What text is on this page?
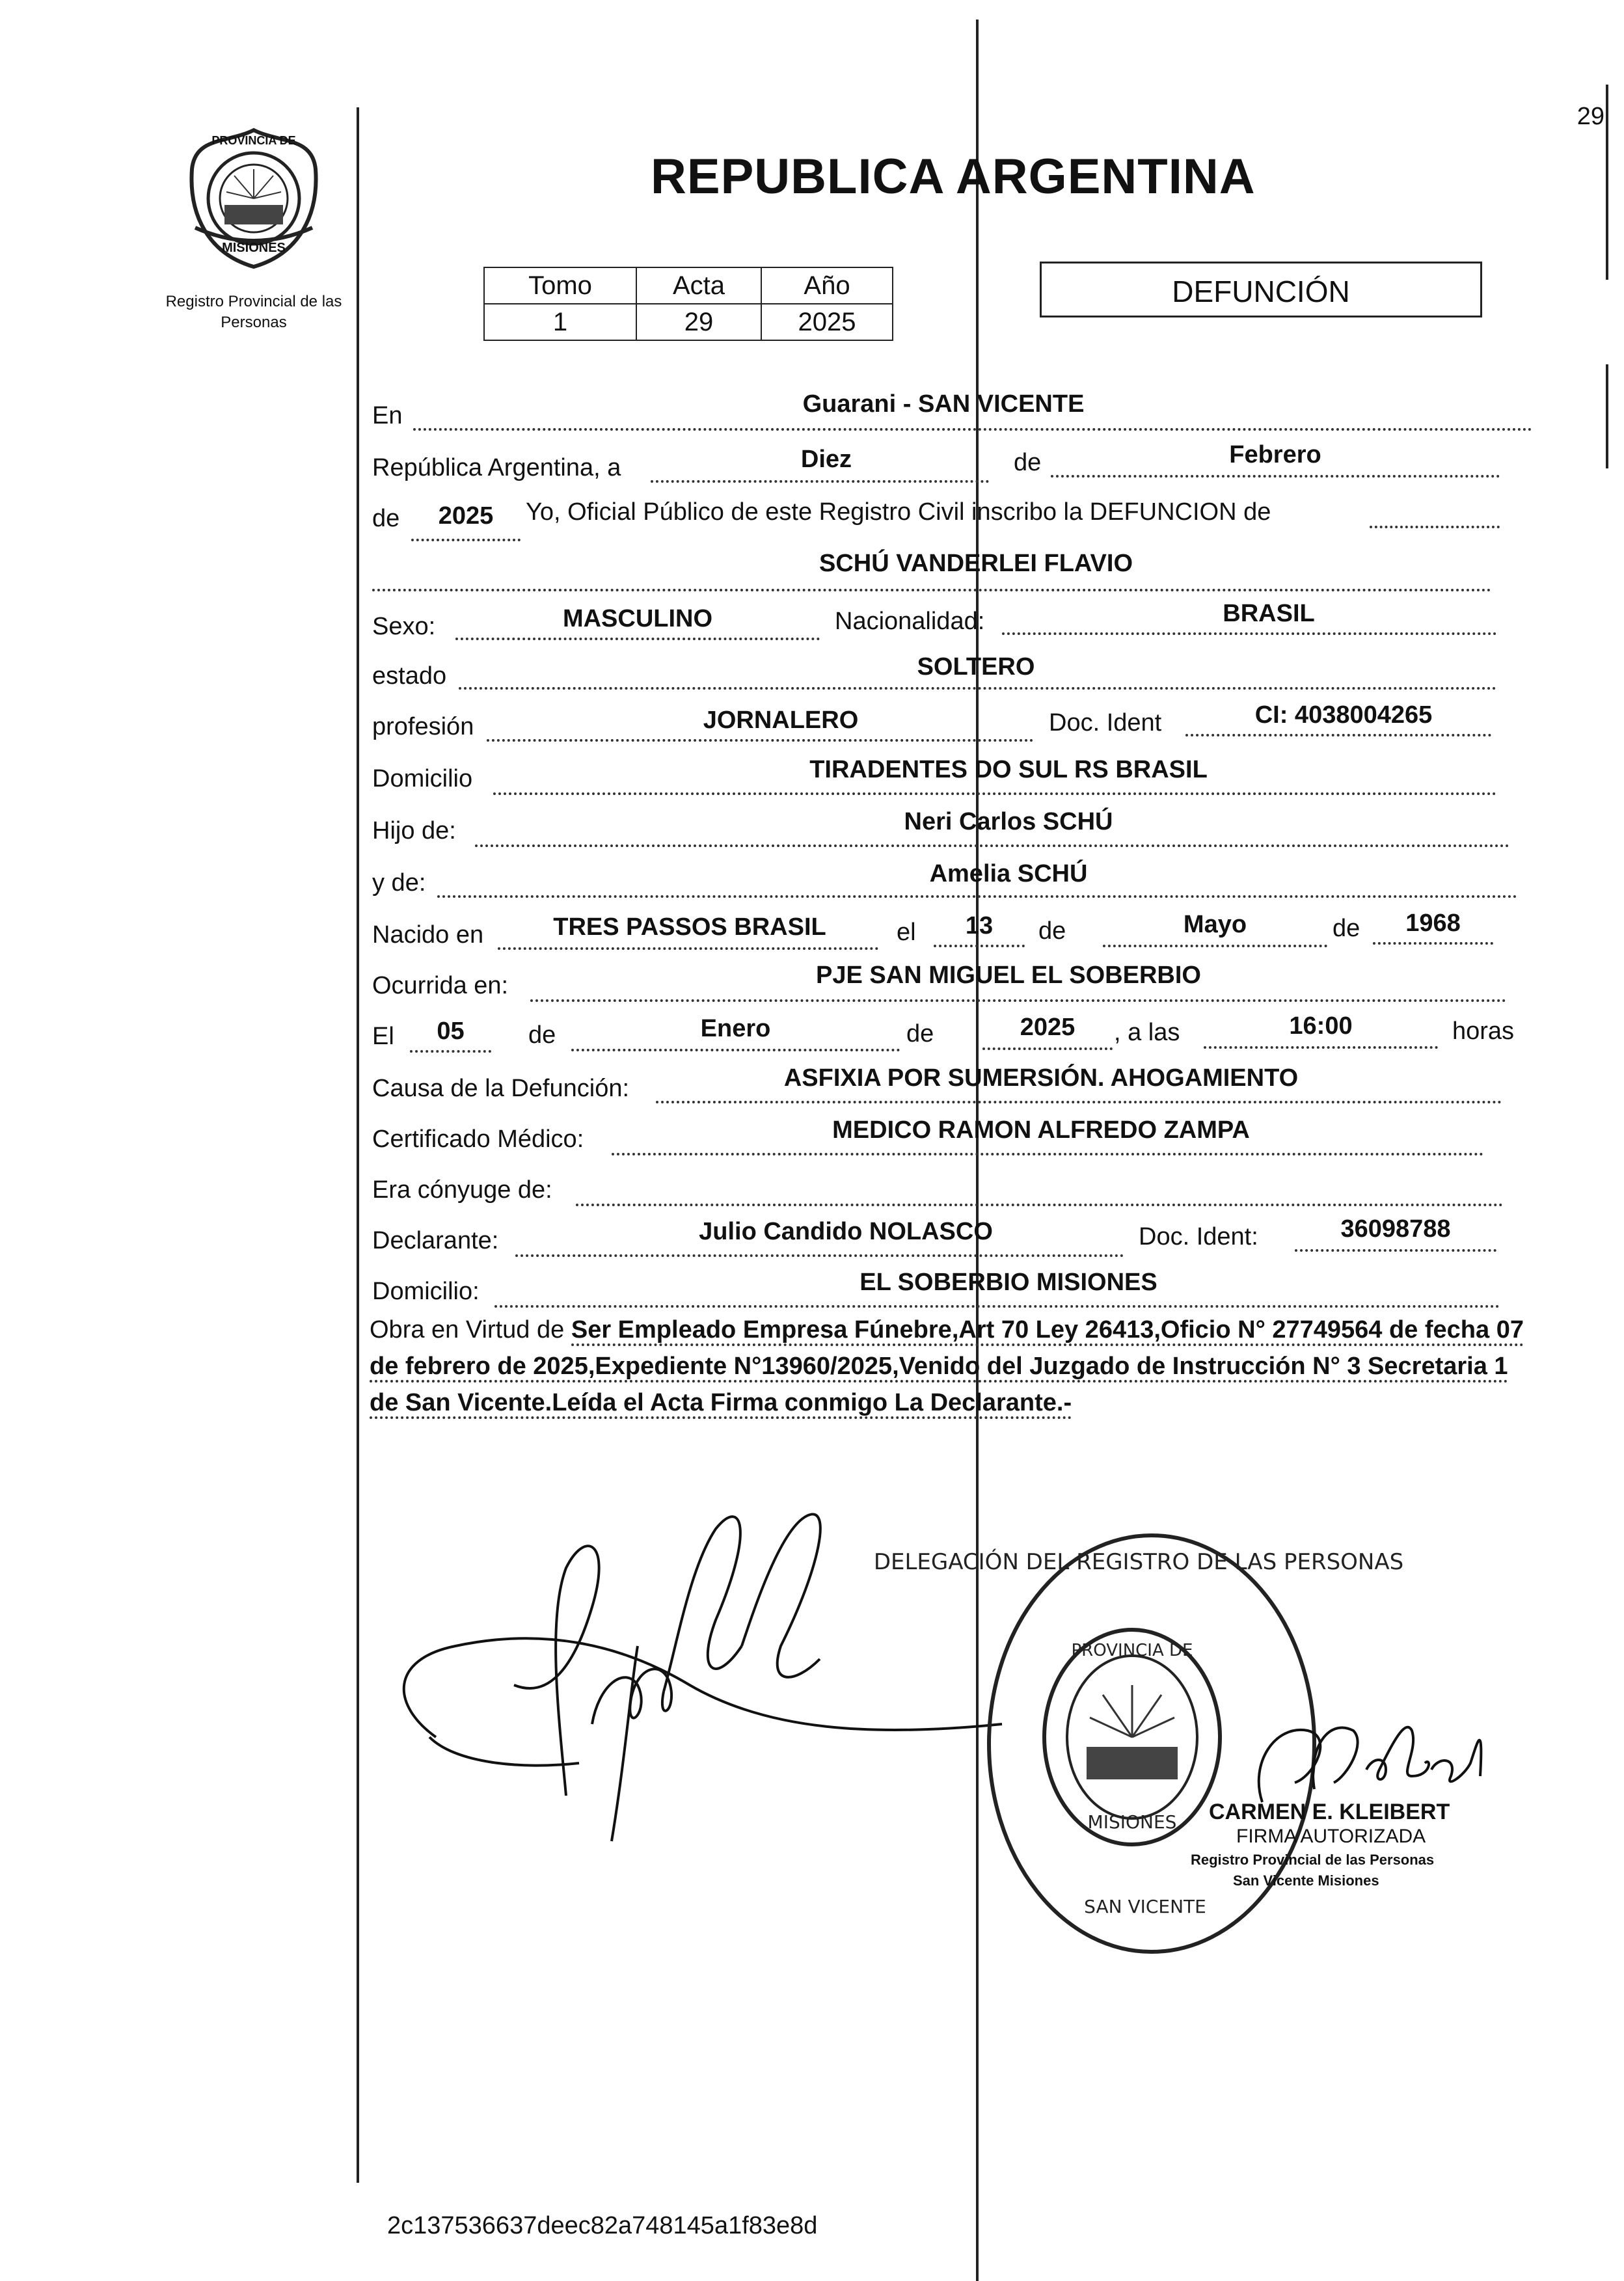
29
PROVINCIA DE
MISIONES
Registro Provincial de las Personas
REPUBLICA ARGENTINA
Tomo	Acta	Año
1	29	2025
DEFUNCIÓN
En	Guarani - SAN VICENTE
República Argentina, a	Diez	de	Febrero
de	2025	Yo, Oficial Público de este Registro Civil inscribo la DEFUNCION de
SCHÚ VANDERLEI FLAVIO
Sexo:	MASCULINO	Nacionalidad:	BRASIL
estado	SOLTERO
profesión	JORNALERO	Doc. Ident	CI: 4038004265
Domicilio	TIRADENTES DO SUL RS BRASIL
Hijo de:	Neri Carlos SCHÚ
y de:	Amelia SCHÚ
Nacido en	TRES PASSOS BRASIL	el	13	de	Mayo	de	1968
Ocurrida en:	PJE SAN MIGUEL EL SOBERBIO
El	05	de	Enero	de	2025	, a las	16:00	horas
Causa de la Defunción:	ASFIXIA POR SUMERSIÓN. AHOGAMIENTO
Certificado Médico:	MEDICO RAMON ALFREDO ZAMPA
Era cónyuge de:
Declarante:	Julio Candido NOLASCO	Doc. Ident:	36098788
Domicilio:	EL SOBERBIO MISIONES
Obra en Virtud de Ser Empleado Empresa Fúnebre,Art 70 Ley 26413,Oficio N° 27749564 de fecha 07 de febrero de 2025,Expediente N°13960/2025,Venido del Juzgado de Instrucción N° 3 Secretaria 1 de San Vicente.Leída el Acta Firma conmigo La Declarante.-
DELEGACIÓN DEL REGISTRO DE LAS PERSONAS
PROVINCIA DE
MISIONES
SAN VICENTE
CARMEN E. KLEIBERT
FIRMA AUTORIZADA
Registro Provincial de las Personas
San Vicente Misiones
2c137536637deec82a748145a1f83e8d
